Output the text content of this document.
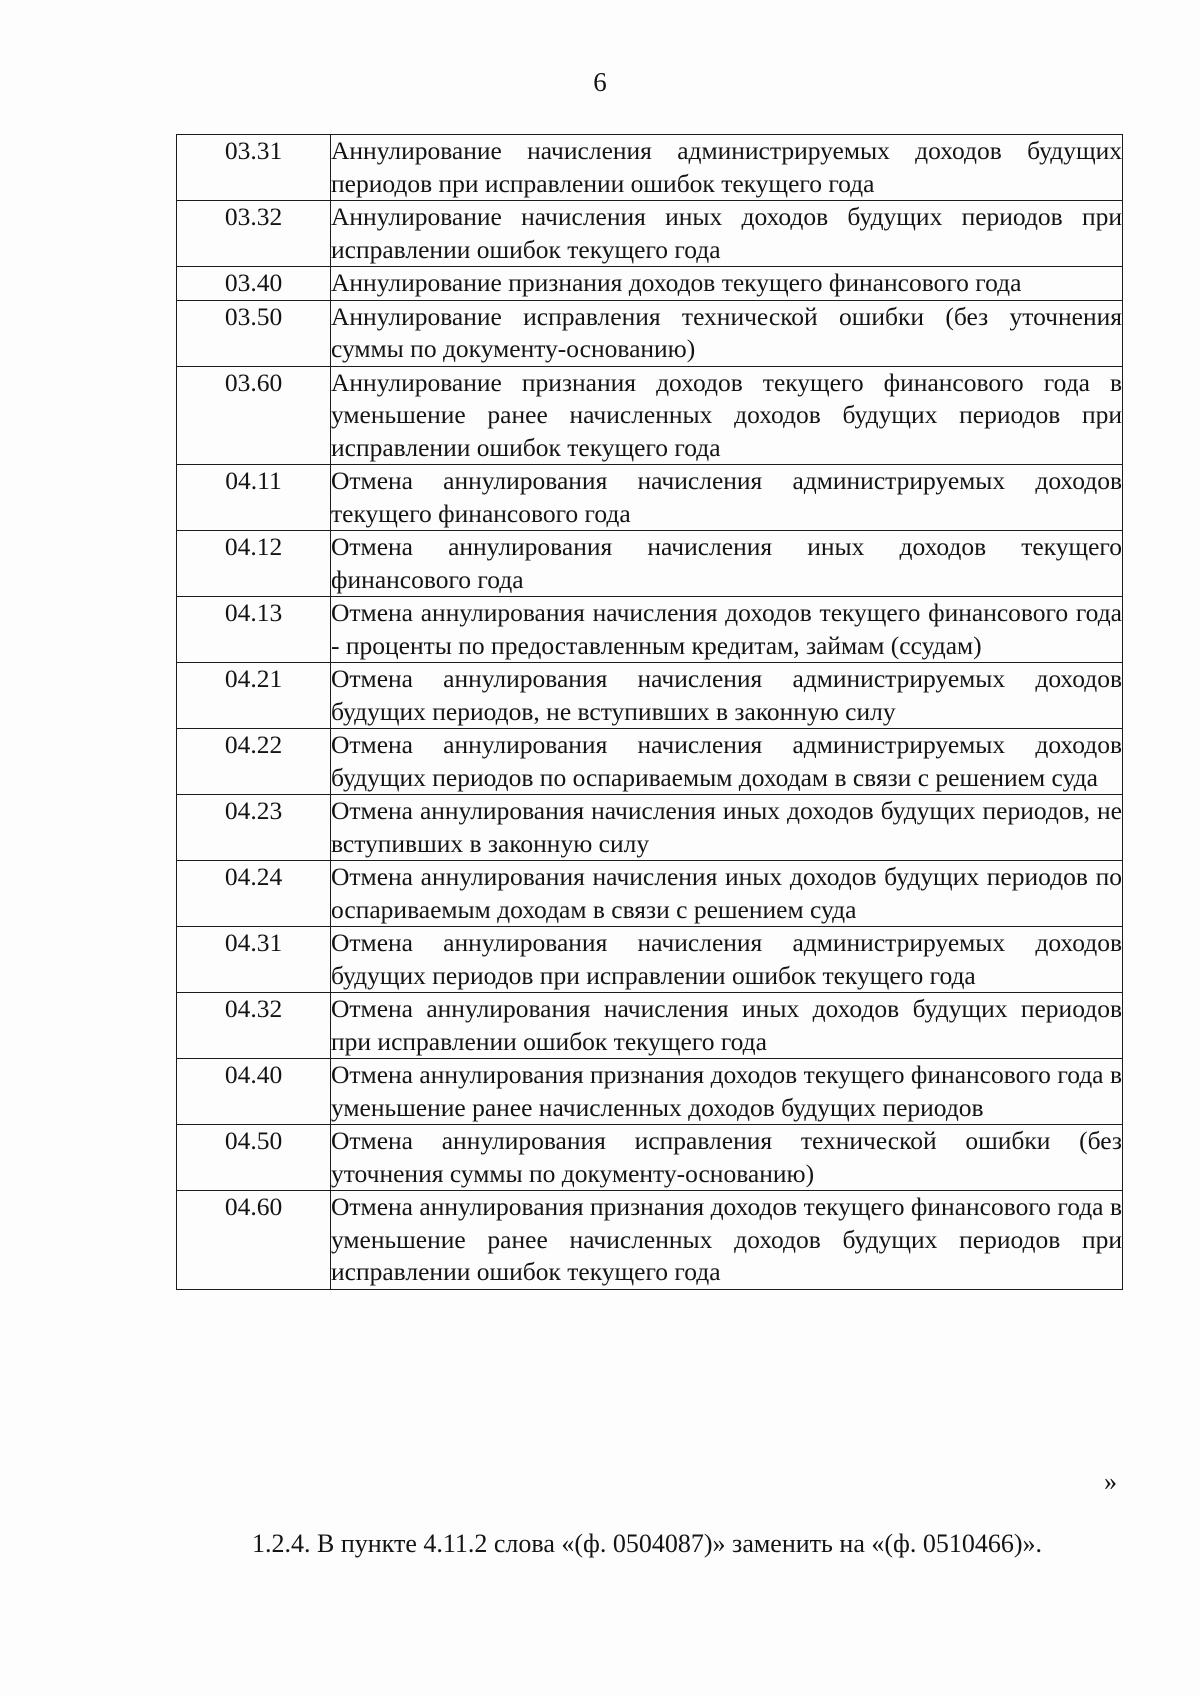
6
03.31	Аннулирование начисления администрируемых доходов будущих периодов при исправлении ошибок текущего года

03.32	Аннулирование начисления иных доходов будущих периодов при исправлении ошибок текущего года

03.40	Аннулирование признания доходов текущего финансового года

03.50	Аннулирование исправления технической ошибки (без уточнения суммы по документу-основанию)

03.60	Аннулирование признания доходов текущего финансового года в уменьшение ранее начисленных доходов будущих периодов при исправлении ошибок текущего года

04.11	Отмена аннулирования начисления администрируемых доходов текущего финансового года

04.12	Отмена аннулирования начисления иных доходов текущего финансового года

04.13	Отмена аннулирования начисления доходов текущего финансового года - проценты по предоставленным кредитам, займам (ссудам)

04.21	Отмена аннулирования начисления администрируемых доходов будущих периодов, не вступивших в законную силу

04.22	Отмена аннулирования начисления администрируемых доходов будущих периодов по оспариваемым доходам в связи с решением суда

04.23	Отмена аннулирования начисления иных доходов будущих периодов, не вступивших в законную силу

04.24	Отмена аннулирования начисления иных доходов будущих периодов по оспариваемым доходам в связи с решением суда

04.31	Отмена аннулирования начисления администрируемых доходов будущих периодов при исправлении ошибок текущего года

04.32	Отмена аннулирования начисления иных доходов будущих периодов при исправлении ошибок текущего года

04.40	Отмена аннулирования признания доходов текущего финансового года в уменьшение ранее начисленных доходов будущих периодов

04.50	Отмена аннулирования исправления технической ошибки (без уточнения суммы по документу-основанию)

04.60	Отмена аннулирования признания доходов текущего финансового года в уменьшение ранее начисленных доходов будущих периодов при исправлении ошибок текущего года
»
1.2.4. В пункте 4.11.2 слова «(ф. 0504087)» заменить на «(ф. 0510466)».
